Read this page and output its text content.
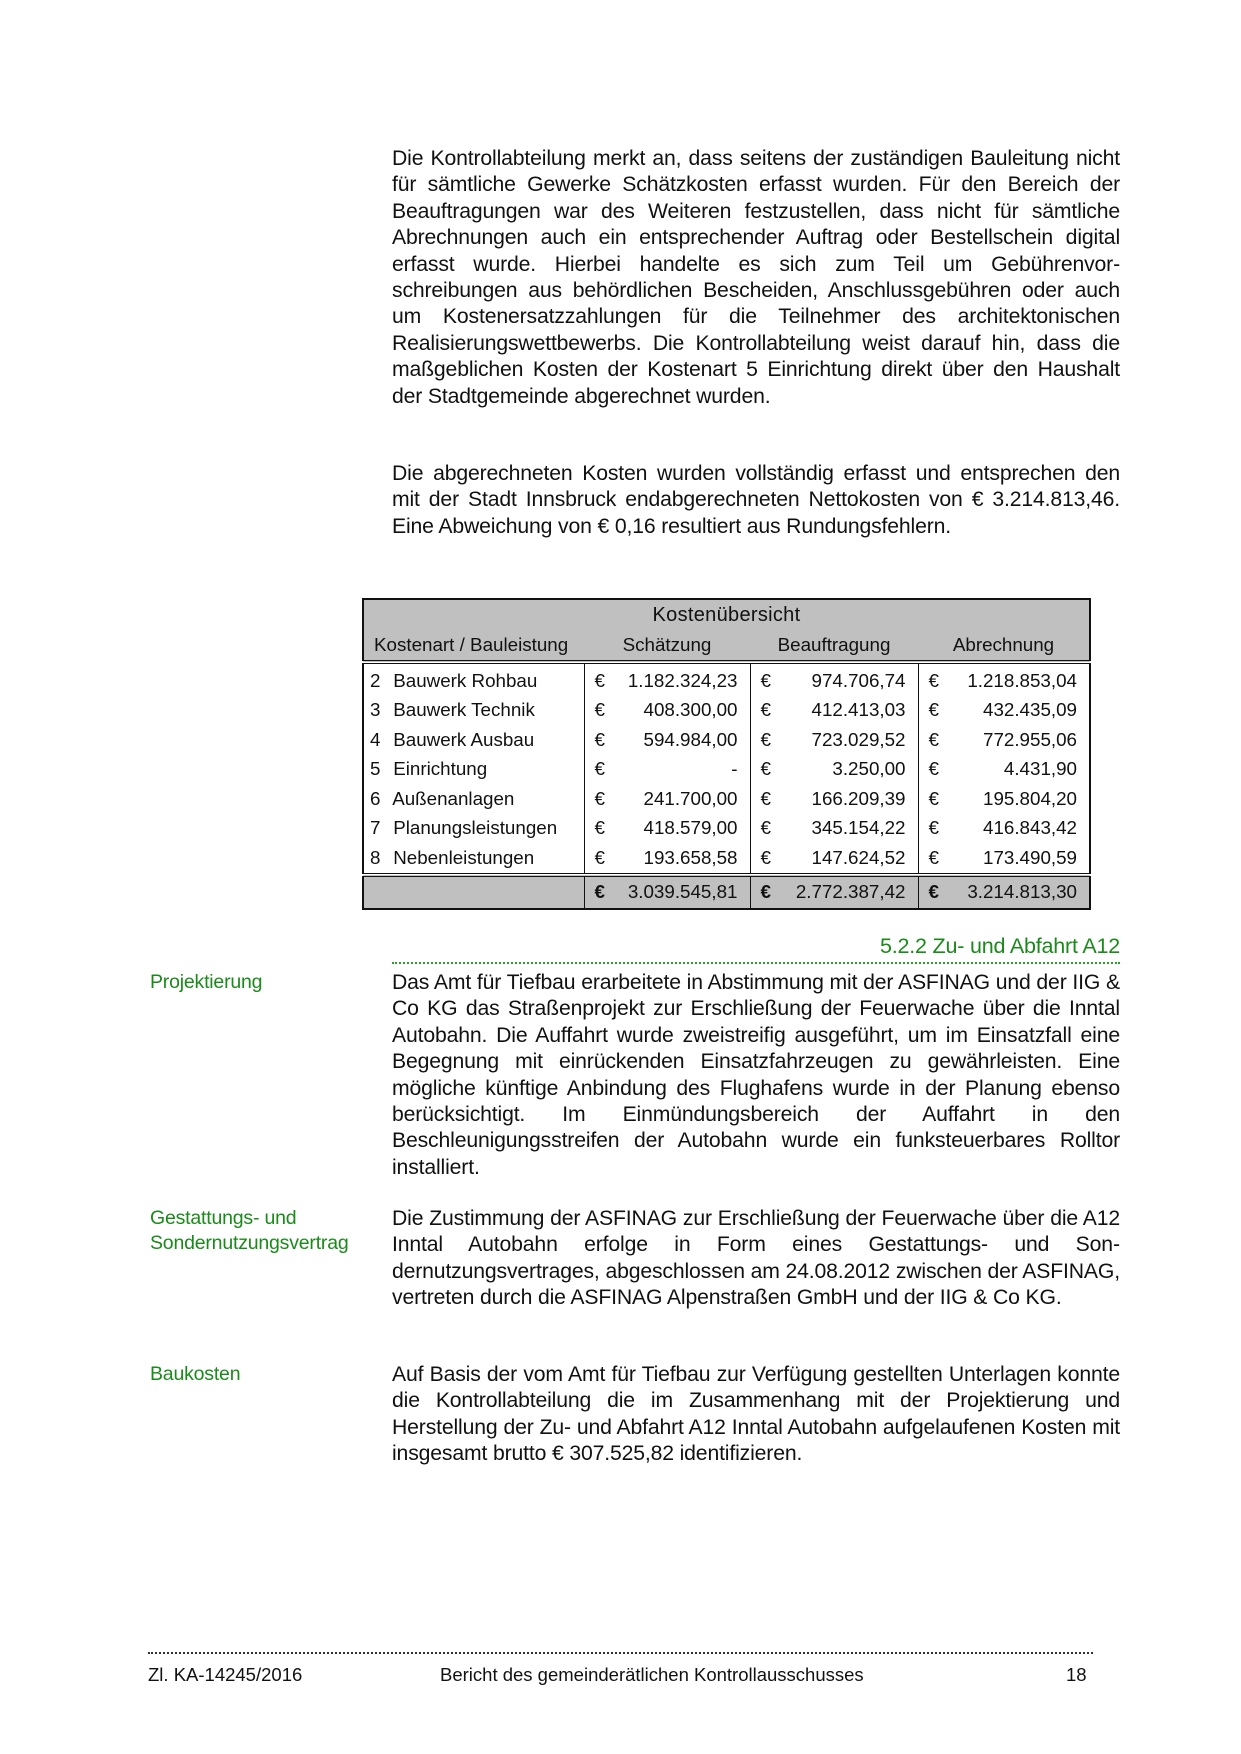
Die Kontrollabteilung merkt an, dass seitens der zuständigen Bauleitung nicht für sämtliche Gewerke Schätzkosten erfasst wurden. Für den Bereich der Beauftragungen war des Weiteren festzustellen, dass nicht für sämtliche Abrechnungen auch ein entsprechender Auftrag oder Bestellschein digital erfasst wurde. Hierbei handelte es sich zum Teil um Gebührenvor-schreibungen aus behördlichen Bescheiden, Anschlussgebühren oder auch um Kostenersatzzahlungen für die Teilnehmer des architektonischen Realisierungswettbewerbs. Die Kontrollabteilung weist darauf hin, dass die maßgeblichen Kosten der Kostenart 5 Einrichtung direkt über den Haushalt der Stadtgemeinde abgerechnet wurden.

Die abgerechneten Kosten wurden vollständig erfasst und entsprechen den mit der Stadt Innsbruck endabgerechneten Nettokosten von € 3.214.813,46. Eine Abweichung von € 0,16 resultiert aus Rundungsfehlern.

Kostenübersicht			
Kostenart / Bauleistung	Schätzung	Beauftragung	Abrechnung
2 Bauwerk Rohbau	€ 1.182.324,23	€ 974.706,74	€ 1.218.853,04

3 Bauwerk Technik	€ 408.300,00	€ 412.413,03	€ 432.435,09

4 Bauwerk Ausbau	€ 594.984,00	€ 723.029,52	€ 772.955,06

5 Einrichtung	€ -	€ 3.250,00	€ 4.431,90

6 Außenanlagen	€ 241.700,00	€ 166.209,39	€ 195.804,20

7 Planungsleistungen	€ 418.579,00	€ 345.154,22	€ 416.843,42

8 Nebenleistungen	€ 193.658,58	€ 147.624,52	€ 173.490,59

	€ 3.039.545,81	€ 2.772.387,42	€ 3.214.813,30
5.2.2 Zu- und Abfahrt A12
Projektierung	Das Amt für Tiefbau erarbeitete in Abstimmung mit der ASFINAG und der IIG & Co KG das Straßenprojekt zur Erschließung der Feuerwache über die Inntal Autobahn. Die Auffahrt wurde zweistreifig ausgeführt, um im Einsatzfall eine Begegnung mit einrückenden Einsatzfahrzeugen zu gewährleisten. Eine mögliche künftige Anbindung des Flughafens wurde in der Planung ebenso berücksichtigt. Im Einmündungsbereich der Auffahrt in den Beschleunigungsstreifen der Autobahn wurde ein funksteuerbares Rolltor installiert.

Gestattungs- und Sondernutzungsvertrag

Die Zustimmung der ASFINAG zur Erschließung der Feuerwache über die A12 Inntal Autobahn erfolge in Form eines Gestattungs- und Sondernutzungsvertrages, abgeschlossen am 24.08.2012 zwischen der ASFINAG, vertreten durch die ASFINAG Alpenstraßen GmbH und der IIG & Co KG.

Baukosten	Auf Basis der vom Amt für Tiefbau zur Verfügung gestellten Unterlagen konnte die Kontrollabteilung die im Zusammenhang mit der Projektierung und Herstellung der Zu- und Abfahrt A12 Inntal Autobahn aufgelaufenen Kosten mit insgesamt brutto € 307.525,82 identifizieren.

Zl. KA-14245/2016	Bericht des gemeinderätlichen Kontrollausschusses	18
